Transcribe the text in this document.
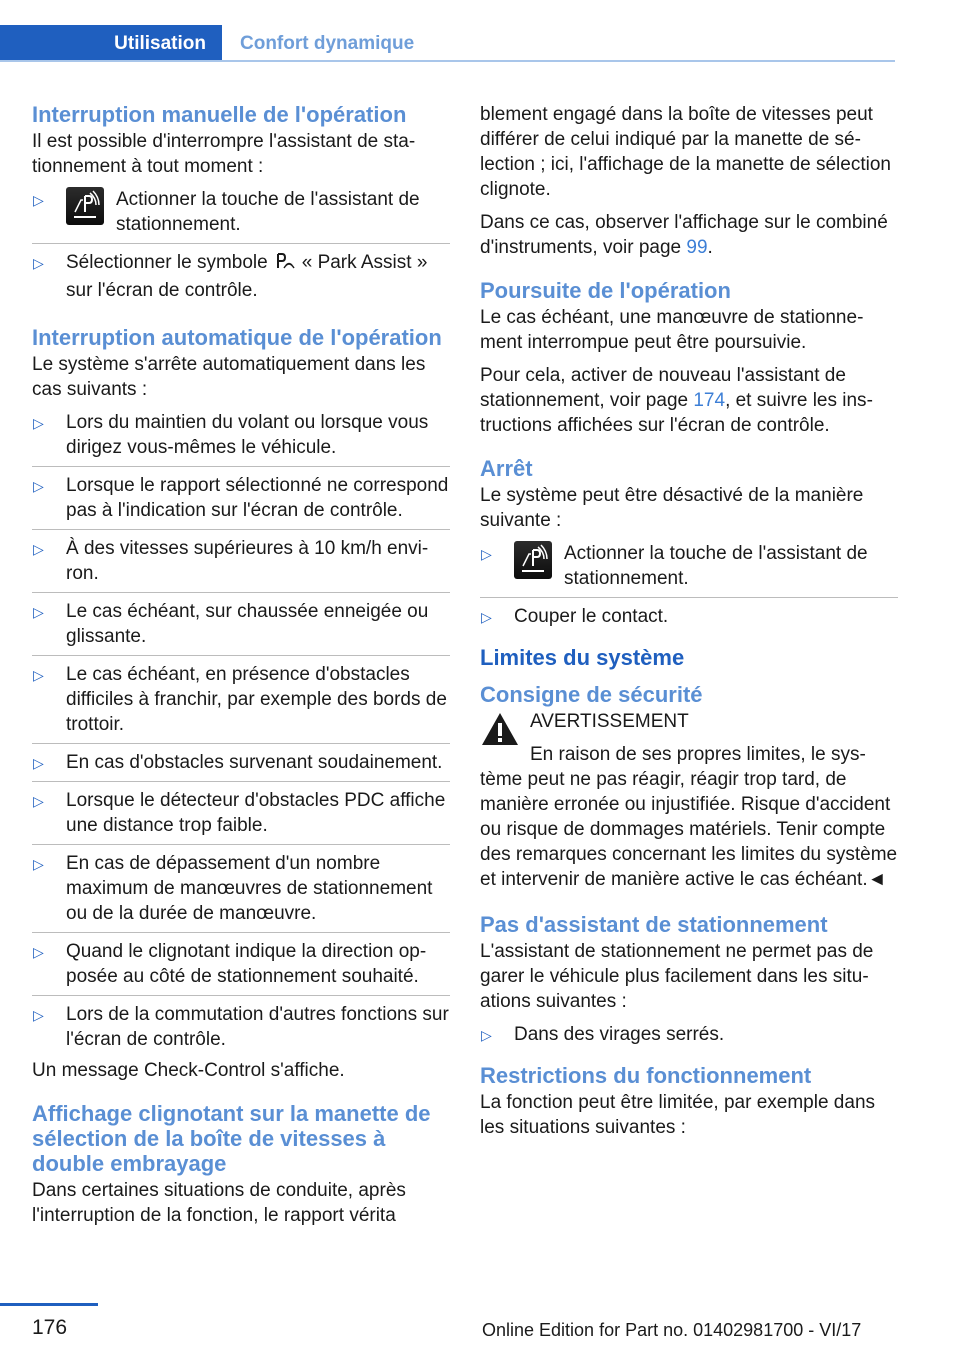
Utilisation	Confort dynamique
Interruption manuelle de l'opération

Il est possible d'interrompre l'assistant de stationnement à tout moment :

▷	Actionner la touche de l'assistant de stationnement.
▷ Sélectionner le symbole « Park Assist » sur l'écran de contrôle.
Interruption automatique de l'opération

Le système s'arrête automatiquement dans les cas suivants :

▷ Lors du maintien du volant ou lorsque vous dirigez vous-mêmes le véhicule.
▷ Lorsque le rapport sélectionné ne correspond pas à l'indication sur l'écran de contrôle.
▷ À des vitesses supérieures à 10 km/h environ.
▷ Le cas échéant, sur chaussée enneigée ou glissante.
▷ Le cas échéant, en présence d'obstacles difficiles à franchir, par exemple des bords de trottoir.
▷ En cas d'obstacles survenant soudainement.
▷ Lorsque le détecteur d'obstacles PDC affiche une distance trop faible.
▷ En cas de dépassement d'un nombre maximum de manœuvres de stationnement ou de la durée de manœuvre.
▷ Quand le clignotant indique la direction opposée au côté de stationnement souhaité.
▷ Lors de la commutation d'autres fonctions sur l'écran de contrôle.

Un message Check-Control s'affiche.

Affichage clignotant sur la manette de sélection de la boîte de vitesses à double embrayage

Dans certaines situations de conduite, après l'interruption de la fonction, le rapport vérita

blement engagé dans la boîte de vitesses peut différer de celui indiqué par la manette de sélection ; ici, l'affichage de la manette de sélection clignote.

Dans ce cas, observer l'affichage sur le combiné d'instruments, voir page 99.

Poursuite de l'opération

Le cas échéant, une manœuvre de stationnement interrompue peut être poursuivie.

Pour cela, activer de nouveau l'assistant de stationnement, voir page 174, et suivre les instructions affichées sur l'écran de contrôle.

Arrêt

Le système peut être désactivé de la manière suivante :

▷	Actionner la touche de l'assistant de stationnement.
▷ Couper le contact.
Limites du système
Consigne de sécurité
AVERTISSEMENT
En raison de ses propres limites, le système peut ne pas réagir, réagir trop tard, de manière erronée ou injustifiée. Risque d'accident ou risque de dommages matériels. Tenir compte des remarques concernant les limites du système et intervenir de manière active le cas échéant.◄
Pas d'assistant de stationnement

L'assistant de stationnement ne permet pas de garer le véhicule plus facilement dans les situations suivantes :

▷ Dans des virages serrés.
Restrictions du fonctionnement

La fonction peut être limitée, par exemple dans les situations suivantes :

176	Online Edition for Part no. 01402981700 - VI/17
